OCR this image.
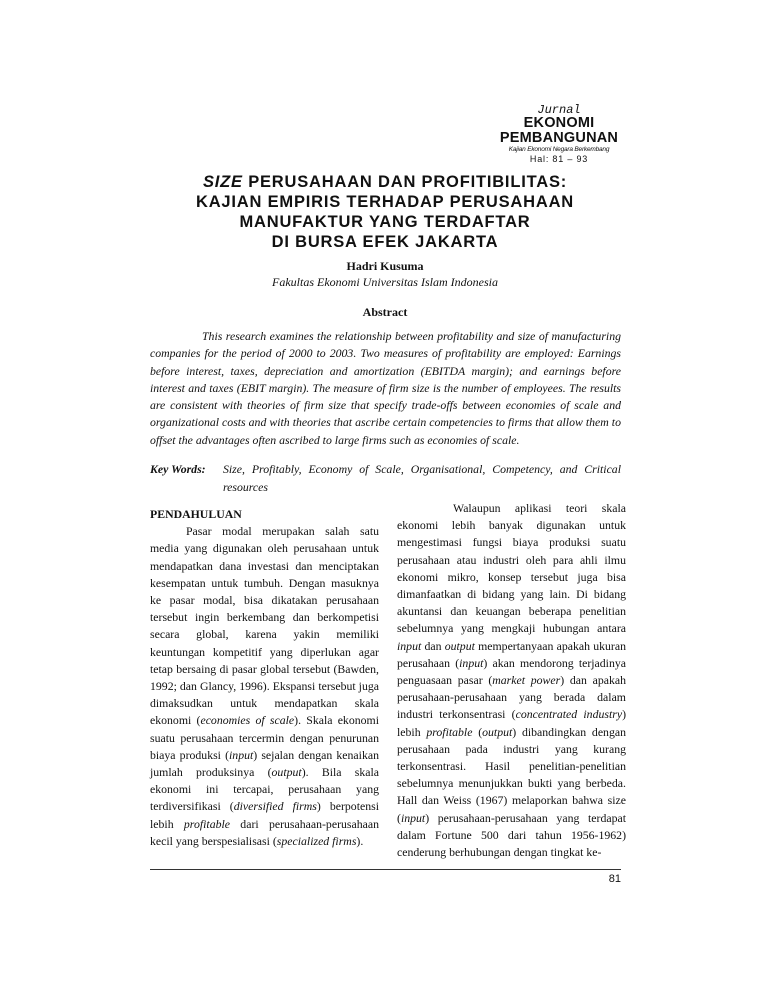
Jurnal
EKONOMI
PEMBANGUNAN
Kajian Ekonomi Negara Berkembang
Hal: 81 – 93
SIZE PERUSAHAAN DAN PROFITIBILITAS:
KAJIAN EMPIRIS TERHADAP PERUSAHAAN
MANUFAKTUR YANG TERDAFTAR
DI BURSA EFEK JAKARTA
Hadri Kusuma
Fakultas Ekonomi Universitas Islam Indonesia
Abstract

This research examines the relationship between profitability and size of manufacturing companies for the period of 2000 to 2003. Two measures of profitability are employed: Earnings before interest, taxes, depreciation and amortization (EBITDA margin); and earnings before interest and taxes (EBIT margin). The measure of firm size is the number of employees. The results are consistent with theories of firm size that specify trade-offs between economies of scale and organizational costs and with theories that ascribe certain competencies to firms that allow them to offset the advantages often ascribed to large firms such as economies of scale.

Key Words:	Size, Profitably, Economy of Scale, Organisational, Competency, and Critical resources
PENDAHULUAN

Pasar modal merupakan salah satu media yang digunakan oleh perusahaan untuk mendapatkan dana investasi dan menciptakan kesempatan untuk tumbuh. Dengan masuknya ke pasar modal, bisa dikatakan perusahaan tersebut ingin berkembang dan berkompetisi secara global, karena yakin memiliki keuntungan kompetitif yang diperlukan agar tetap bersaing di pasar global tersebut (Bawden, 1992; dan Glancy, 1996). Ekspansi tersebut juga dimaksudkan untuk mendapatkan skala ekonomi (economies of scale). Skala ekonomi suatu perusahaan tercermin dengan penurunan biaya produksi (input) sejalan dengan kenaikan jumlah produksinya (output). Bila skala ekonomi ini tercapai, perusahaan yang terdiversifikasi (diversified firms) berpotensi lebih profitable dari perusahaan-perusahaan kecil yang berspesialisasi (specialized firms).

Walaupun aplikasi teori skala ekonomi lebih banyak digunakan untuk mengestimasi fungsi biaya produksi suatu perusahaan atau industri oleh para ahli ilmu ekonomi mikro, konsep tersebut juga bisa dimanfaatkan di bidang yang lain. Di bidang akuntansi dan keuangan beberapa penelitian sebelumnya yang mengkaji hubungan antara input dan output mempertanyaan apakah ukuran perusahaan (input) akan mendorong terjadinya penguasaan pasar (market power) dan apakah perusahaan-perusahaan yang berada dalam industri terkonsentrasi (concentrated industry) lebih profitable (output) dibandingkan dengan perusahaan pada industri yang kurang terkonsentrasi. Hasil penelitian-penelitian sebelumnya menunjukkan bukti yang berbeda. Hall dan Weiss (1967) melaporkan bahwa size (input) perusahaan-perusahaan yang terdapat dalam Fortune 500 dari tahun 1956-1962) cenderung berhubungan dengan tingkat ke-

81
